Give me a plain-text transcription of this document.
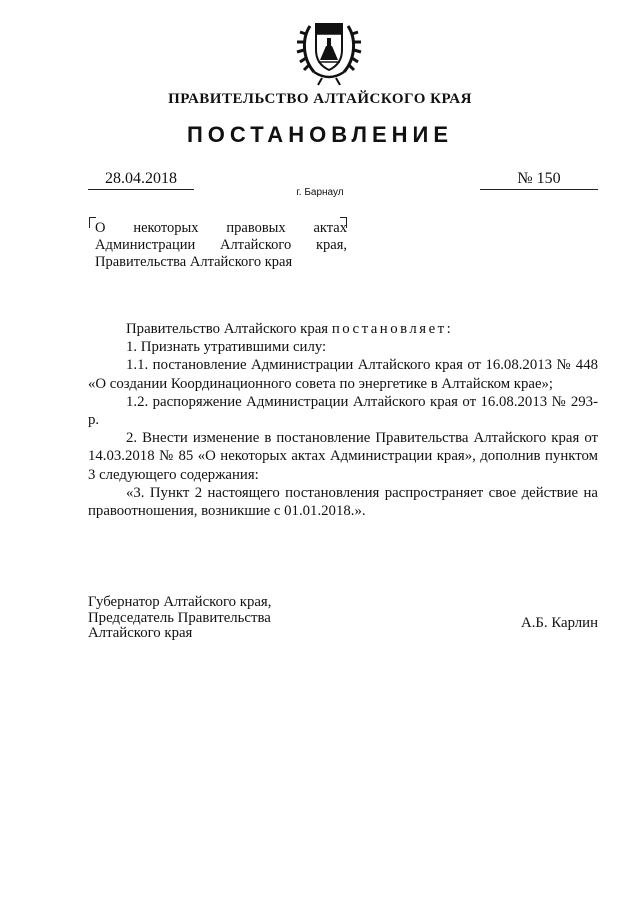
ПРАВИТЕЛЬСТВО АЛТАЙСКОГО КРАЯ
ПОСТАНОВЛЕНИЕ
28.04.2018	№ 150
г. Барнаул
О некоторых правовых актах Администрации Алтайского края, Правительства Алтайского края

Правительство Алтайского края постановляет:

1. Признать утратившими силу:

1.1. постановление Администрации Алтайского края от 16.08.2013 № 448 «О создании Координационного совета по энергетике в Алтайском крае»;

1.2. распоряжение Администрации Алтайского края от 16.08.2013 № 293-р.

2. Внести изменение в постановление Правительства Алтайского края от 14.03.2018 № 85 «О некоторых актах Администрации края», дополнив пунктом 3 следующего содержания:

«3. Пункт 2 настоящего постановления распространяет свое действие на правоотношения, возникшие с 01.01.2018.».

Губернатор Алтайского края,
Председатель Правительства
Алтайского края
А.Б. Карлин
